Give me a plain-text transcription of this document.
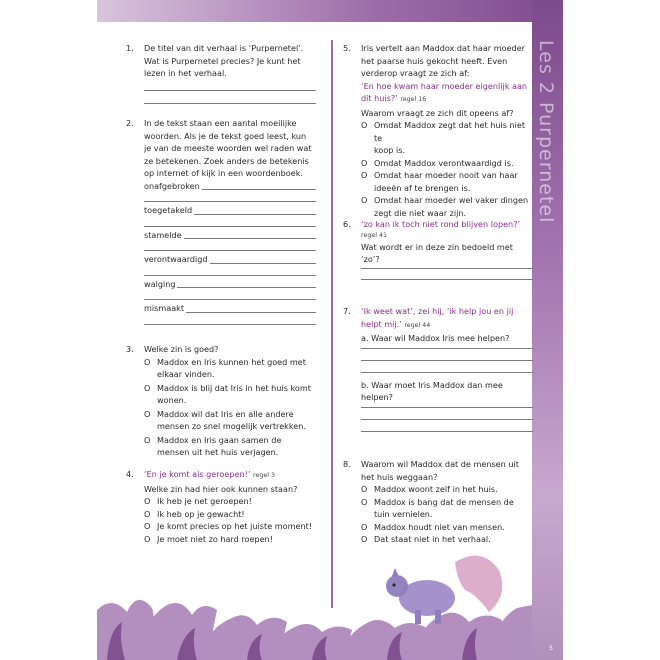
Les 2 Purpernetel
5
1.	De titel van dit verhaal is ‘Purpernetel’.

Wat is Purpernetel precies? Je kunt het

lezen in het verhaal.

2.	In de tekst staan een aantal moeilijke

woorden. Als je de tekst goed leest, kun

je van de meeste woorden wel raden wat

ze betekenen. Zoek anders de betekenis

op internet of kijk in een woordenboek.

onafgebroken
toegetakeld
stamelde
verontwaardigd
walging
mismaakt
3.	Welke zin is goed?

O Maddox en Iris kunnen het goed met
elkaar vinden.
O Maddox is blij dat Iris in het huis komt
wonen.
O Maddox wil dat Iris en alle andere
mensen zo snel mogelijk vertrekken.
O Maddox en Iris gaan samen de
mensen uit het huis verjagen.
4.	‘En je komt als geroepen!’ regel 3

Welke zin had hier ook kunnen staan?

O Ik heb je net geroepen!
O Ik heb op je gewacht!
O Je komt precies op het juiste moment!
O Je moet niet zo hard roepen!
5.	Iris vertelt aan Maddox dat haar moeder

het paarse huis gekocht heeft. Even

verderop vraagt ze zich af:

‘En hoe kwam haar moeder eigenlijk aan

dit huis?’ regel 16

Waarom vraagt ze zich dit opeens af?

O Omdat Maddox zegt dat het huis niet te
koop is.
O Omdat Maddox verontwaardigd is.
O Omdat haar moeder nooit van haar
ideeën af te brengen is.
O Omdat haar moeder wel vaker dingen
zegt die niet waar zijn.
6.	‘zo kan ik toch niet rond blijven lopen?’

regel 41

Wat wordt er in deze zin bedoeld met

‘zo’?

7.	‘Ik weet wat’, zei hij, ‘ik help jou en jij

helpt mij.’ regel 44

a. Waar wil Maddox Iris mee helpen?

b. Waar moet Iris Maddox dan mee

helpen?

8.	Waarom wil Maddox dat de mensen uit

het huis weggaan?

O Maddox woont zelf in het huis.
O Maddox is bang dat de mensen de
tuin vernielen.
O Maddox houdt niet van mensen.
O Dat staat niet in het verhaal.
